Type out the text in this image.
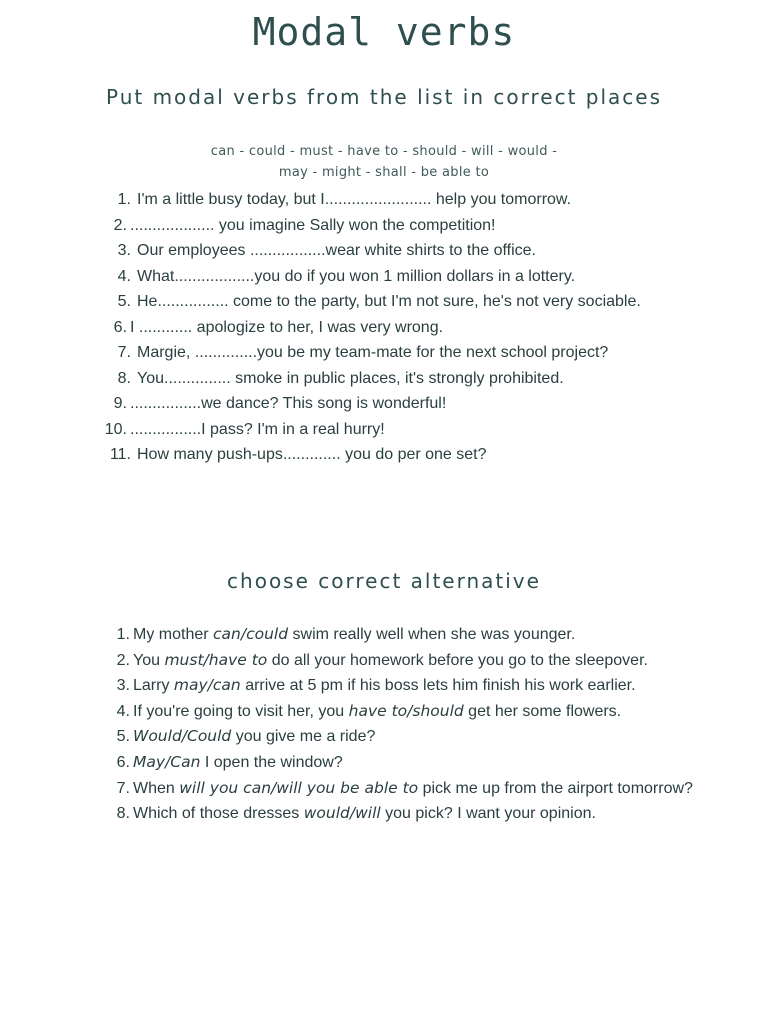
Modal verbs
Put modal verbs from the list in correct places
can - could - must - have to - should - will - would -
may - might - shall - be able to
1. I'm a little busy today, but I........................ help you tomorrow.
2. ................... you imagine Sally won the competition!
3. Our employees .................wear white shirts to the office.
4. What..................you do if you won 1 million dollars in a lottery.
5. He................ come to the party, but I'm not sure, he's not very sociable.
6. I ............ apologize to her, I was very wrong.
7. Margie, ..............you be my team-mate for the next school project?
8. You............... smoke in public places, it's strongly prohibited.
9. ................we dance? This song is wonderful!
10. ................I pass? I'm in a real hurry!
11. How many push-ups............. you do per one set?
choose correct alternative
1. My mother can/could swim really well when she was younger.
2. You must/have to do all your homework before you go to the sleepover.
3. Larry may/can arrive at 5 pm if his boss lets him finish his work earlier.
4. If you're going to visit her, you have to/should get her some flowers.
5. Would/Could you give me a ride?
6. May/Can I open the window?
7. When will you can/will you be able to pick me up from the airport tomorrow?
8. Which of those dresses would/will you pick? I want your opinion.
